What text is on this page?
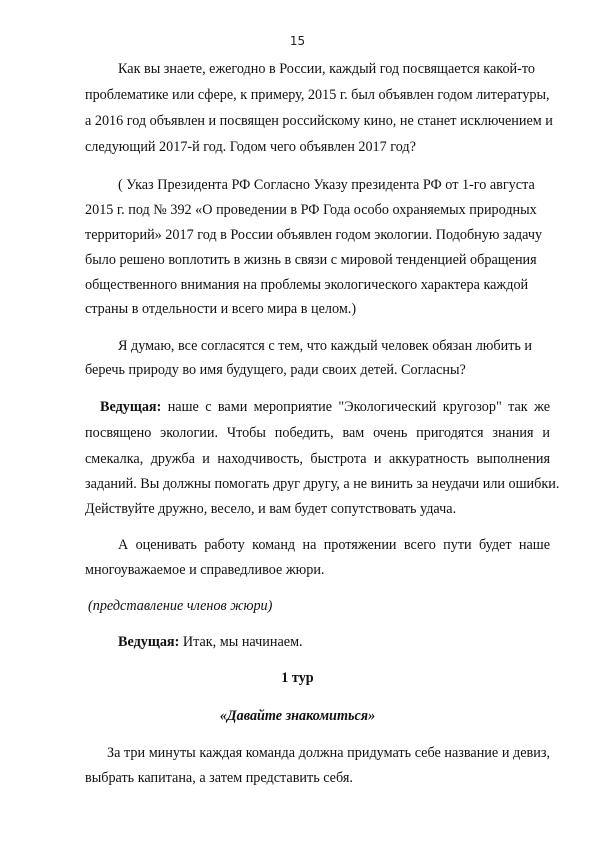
15
Как вы знаете, ежегодно в России, каждый год посвящается какой-то
проблематике или сфере, к примеру, 2015 г. был объявлен годом литературы,
а 2016 год объявлен и посвящен российскому кино, не станет исключением и
следующий 2017-й год. Годом чего объявлен 2017 год?
( Указ Президента РФ Согласно Указу президента РФ от 1-го августа
2015 г. под № 392 «О проведении в РФ Года особо охраняемых природных
территорий» 2017 год в России объявлен годом экологии. Подобную задачу
было решено воплотить в жизнь в связи с мировой тенденцией обращения
общественного внимания на проблемы экологического характера каждой
страны в отдельности и всего мира в целом.)
Я думаю, все согласятся с тем, что каждый человек обязан любить и
беречь природу во имя будущего, ради своих детей. Согласны?
Ведущая: наше с вами мероприятие "Экологический кругозор" так же
посвящено экологии. Чтобы победить, вам очень пригодятся знания и
смекалка, дружба и находчивость, быстрота и аккуратность выполнения
заданий. Вы должны помогать друг другу, а не винить за неудачи или ошибки.
Действуйте дружно, весело, и вам будет сопутствовать удача.
А оценивать работу команд на протяжении всего пути будет наше
многоуважаемое и справедливое жюри.
(представление членов жюри)
Ведущая: Итак, мы начинаем.
1 тур
«Давайте знакомиться»
За три минуты каждая команда должна придумать себе название и девиз,
выбрать капитана, а затем представить себя.
